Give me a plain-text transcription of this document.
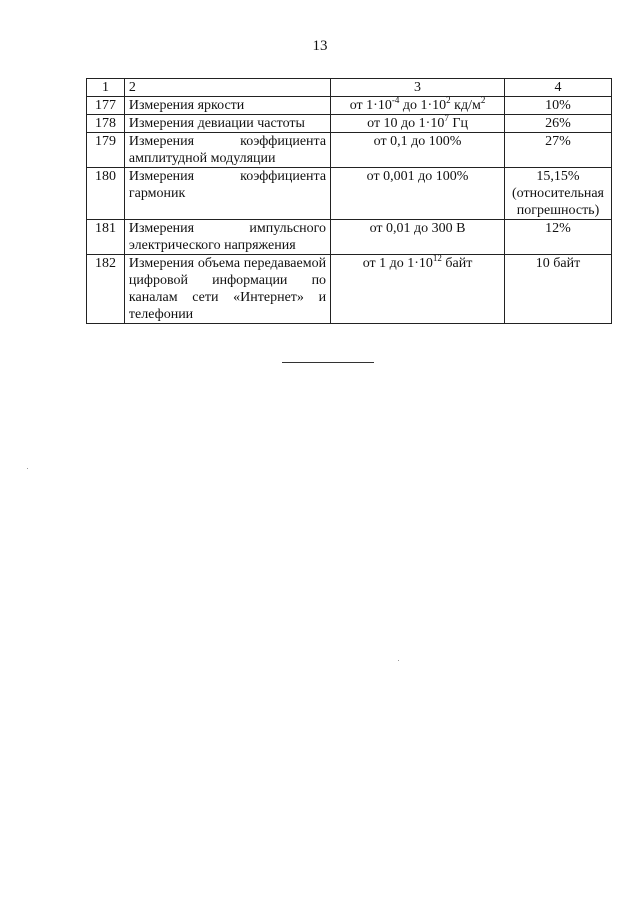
13
1	2	3	4
177	Измерения яркости	от $1\cdot 10^{-4}$ до $1\cdot 10^2$ $кд/м^2$	10%
178	Измерения девиации частоты	от 10 до $1\cdot 10^7$ Гц	26%
179	Измерения коэффициента амплитудной модуляции	от 0,1 до 100%	27%
180	Измерения коэффициента гармоник	от 0,001 до 100%	15,15% (относительная погрешность)
181	Измерения импульсного электрического напряжения	от 0,01 до 300 В	12%
182	Измерения объема передаваемой цифровой информации по каналам сети «Интернет» и телефонии	от 1 до $1\cdot 10^{12}$ байт	10 байт
